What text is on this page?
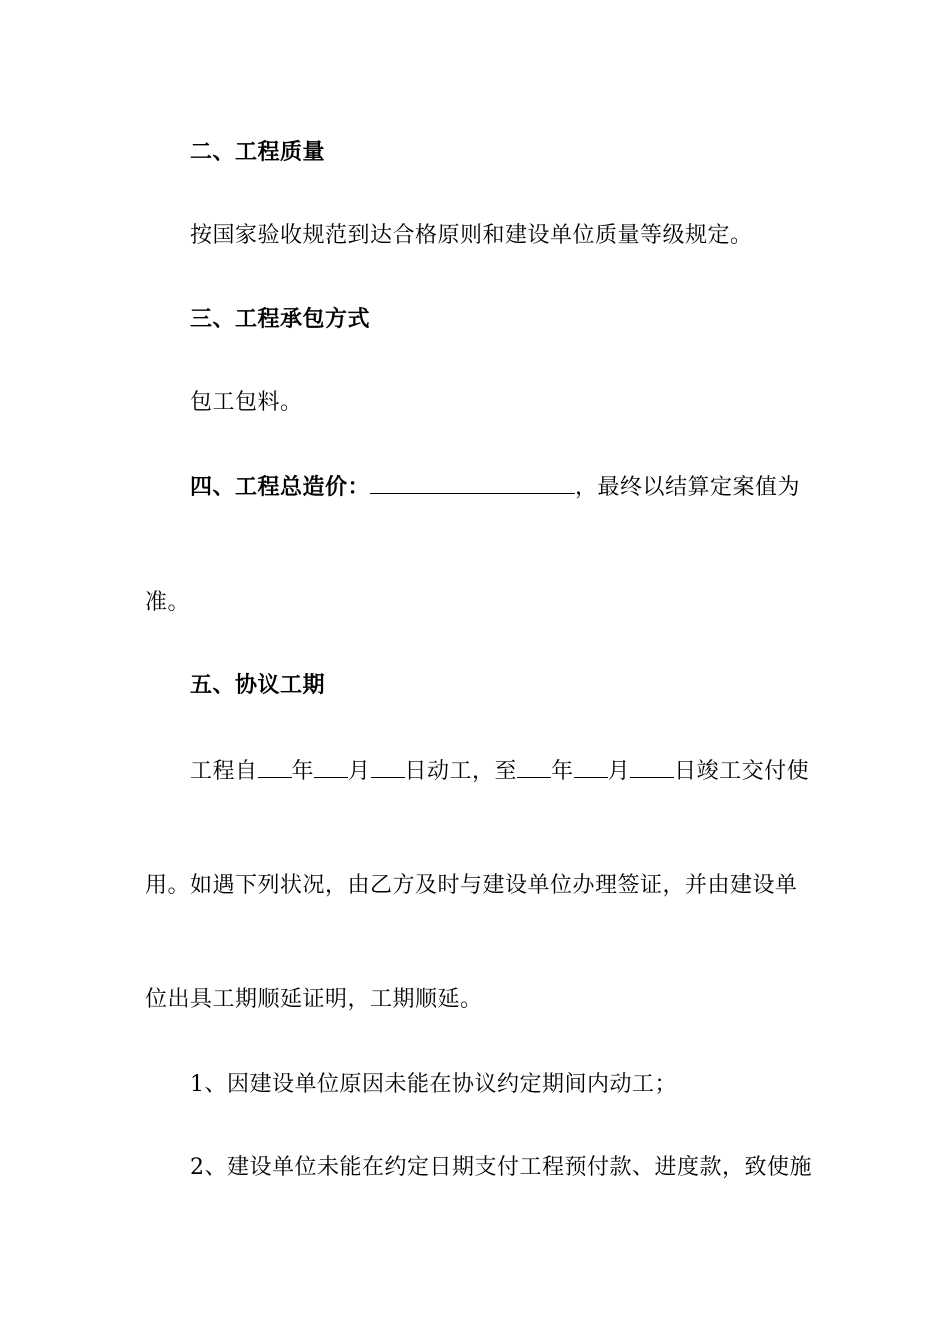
二、工程质量
按国家验收规范到达合格原则和建设单位质量等级规定。
三、工程承包方式
包工包料。
四、工程总造价：	，最终以结算定案值为
准。
五、协议工期
工程自 年 月 日动工，至 年 月 日竣工交付使
用。如遇下列状况，由乙方及时与建设单位办理签证，并由建设单
位出具工期顺延证明，工期顺延。
1、因建设单位原因未能在协议约定期间内动工；
2、建设单位未能在约定日期支付工程预付款、进度款，致使施
